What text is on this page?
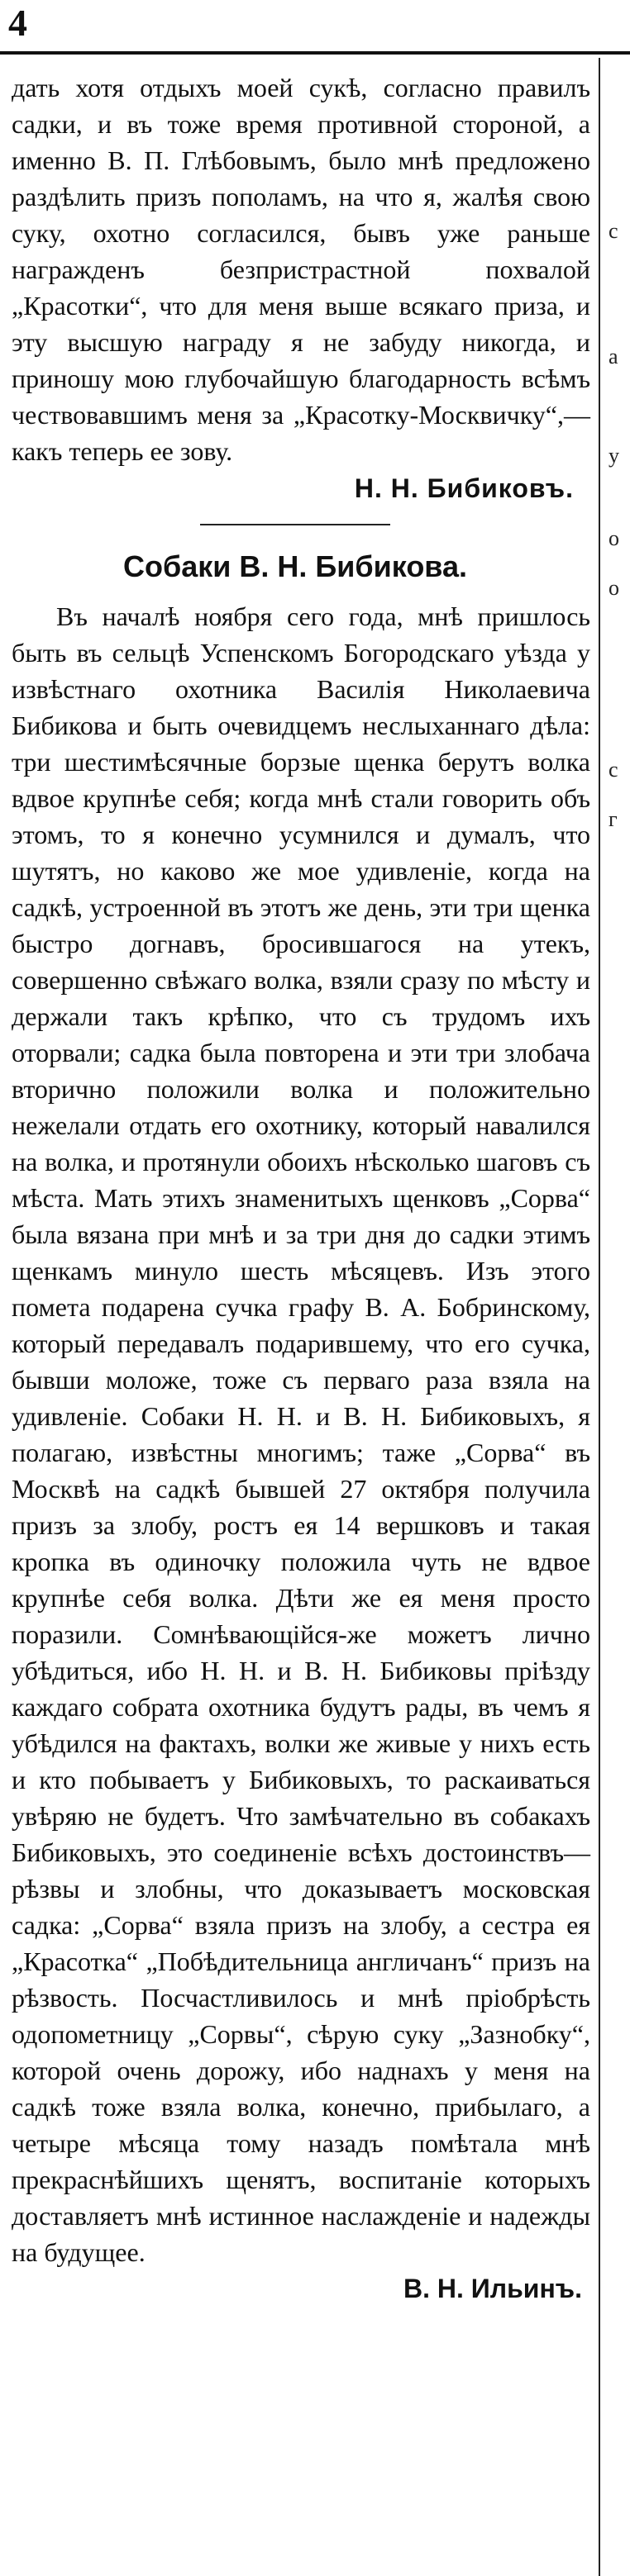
4
с
а
у
о
о
с
г

дать хотя отдыхъ моей сукѣ, согласно правилъ садки, и въ тоже время противной стороной, а именно В. П. Глѣбовымъ, было мнѣ предложено раздѣлить призъ пополамъ, на что я, жалѣя свою суку, охотно согласился, бывъ уже раньше награжденъ безпристрастной похвалой „Красотки“, что для меня выше всякаго приза, и эту высшую награду я не забуду никогда, и приношу мою глубочайшую благодарность всѣмъ чествовавшимъ меня за „Красотку-Москвичку“,—какъ теперь ее зову.

Н. Н. Бибиковъ.

Собаки В. Н. Бибикова.

Въ началѣ ноября сего года, мнѣ пришлось быть въ сельцѣ Успенскомъ Богородскаго уѣзда у извѣстнаго охотника Василія Николаевича Бибикова и быть очевидцемъ неслыханнаго дѣла: три шестимѣсячные борзые щенка берутъ волка вдвое крупнѣе себя; когда мнѣ стали говорить объ этомъ, то я конечно усумнился и думалъ, что шутятъ, но каково же мое удивленіе, когда на садкѣ, устроенной въ этотъ же день, эти три щенка быстро догнавъ, бросившагося на утекъ, совершенно свѣжаго волка, взяли сразу по мѣсту и держали такъ крѣпко, что съ трудомъ ихъ оторвали; садка была повторена и эти три злобача вторично положили волка и положительно нежелали отдать его охотнику, который навалился на волка, и протянули обоихъ нѣсколько шаговъ съ мѣста. Мать этихъ знаменитыхъ щенковъ „Сорва“ была вязана при мнѣ и за три дня до садки этимъ щенкамъ минуло шесть мѣсяцевъ. Изъ этого помета подарена сучка графу В. А. Бобринскому, который передавалъ подарившему, что его сучка, бывши моложе, тоже съ перваго раза взяла на удивленіе. Собаки Н. Н. и В. Н. Бибиковыхъ, я полагаю, извѣстны многимъ; таже „Сорва“ въ Москвѣ на садкѣ бывшей 27 октября получила призъ за злобу, ростъ ея 14 вершковъ и такая кропка въ одиночку положила чуть не вдвое крупнѣе себя волка. Дѣти же ея меня просто поразили. Сомнѣвающійся-же можетъ лично убѣдиться, ибо Н. Н. и В. Н. Бибиковы пріѣзду каждаго собрата охотника будутъ рады, въ чемъ я убѣдился на фактахъ, волки же живые у нихъ есть и кто побываетъ у Бибиковыхъ, то раскаиваться увѣряю не будетъ. Что замѣчательно въ собакахъ Бибиковыхъ, это соединеніе всѣхъ достоинствъ—рѣзвы и злобны, что доказываетъ московская садка: „Сорва“ взяла призъ на злобу, а сестра ея „Красотка“ „Побѣдительница англичанъ“ призъ на рѣзвость. Посчастливилось и мнѣ пріобрѣсть одопометницу „Сорвы“, сѣрую суку „Зазнобку“, которой очень дорожу, ибо наднахъ у меня на садкѣ тоже взяла волка, конечно, прибылаго, а четыре мѣсяца тому назадъ помѣтала мнѣ прекраснѣйшихъ щенятъ, воспитаніе которыхъ доставляетъ мнѣ истинное наслажденіе и надежды на будущее.

В. Н. Ильинъ.
